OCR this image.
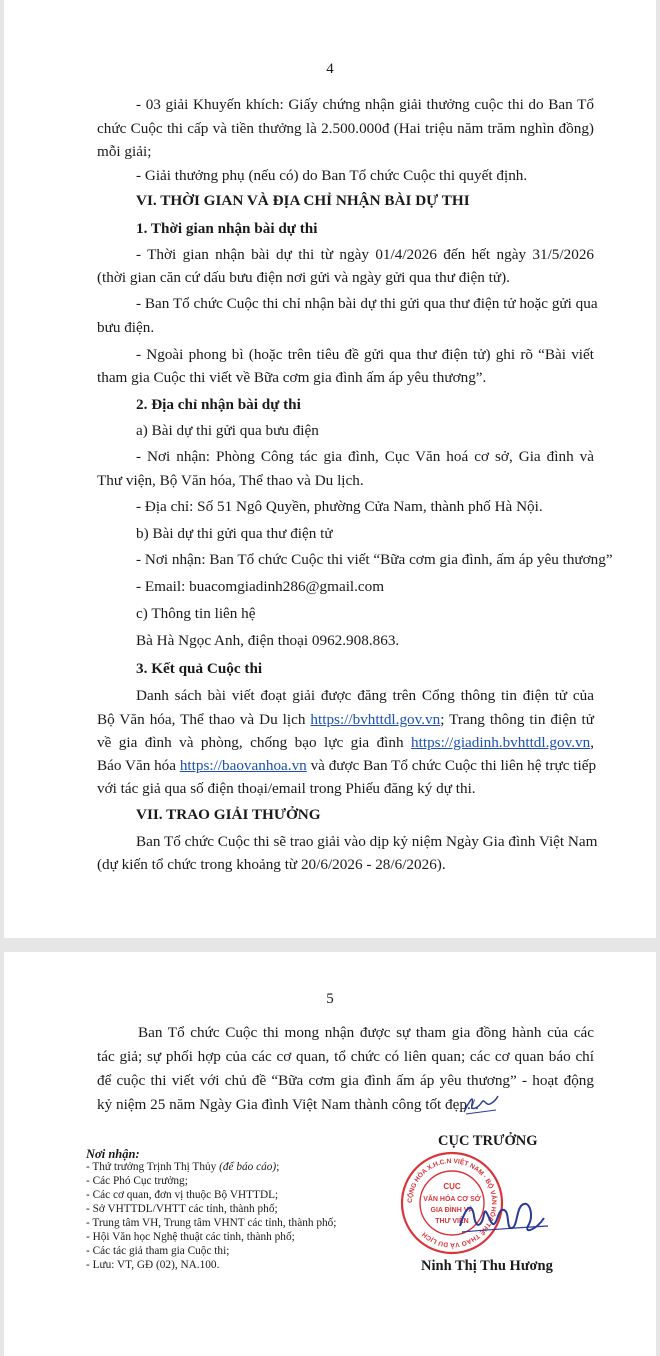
4
- 03 giải Khuyến khích: Giấy chứng nhận giải thưởng cuộc thi do Ban Tổ
chức Cuộc thi cấp và tiền thưởng là 2.500.000đ (Hai triệu năm trăm nghìn đồng)
mỗi giải;
- Giải thưởng phụ (nếu có) do Ban Tổ chức Cuộc thi quyết định.
VI. THỜI GIAN VÀ ĐỊA CHỈ NHẬN BÀI DỰ THI
1. Thời gian nhận bài dự thi
- Thời gian nhận bài dự thi từ ngày 01/4/2026 đến hết ngày 31/5/2026
(thời gian căn cứ dấu bưu điện nơi gửi và ngày gửi qua thư điện tử).
- Ban Tổ chức Cuộc thi chỉ nhận bài dự thi gửi qua thư điện tử hoặc gửi qua
bưu điện.
- Ngoài phong bì (hoặc trên tiêu đề gửi qua thư điện tử) ghi rõ “Bài viết
tham gia Cuộc thi viết về Bữa cơm gia đình ấm áp yêu thương”.
2. Địa chỉ nhận bài dự thi
a) Bài dự thi gửi qua bưu điện
- Nơi nhận: Phòng Công tác gia đình, Cục Văn hoá cơ sở, Gia đình và
Thư viện, Bộ Văn hóa, Thể thao và Du lịch.
- Địa chỉ: Số 51 Ngô Quyền, phường Cửa Nam, thành phố Hà Nội.
b) Bài dự thi gửi qua thư điện tử
- Nơi nhận: Ban Tổ chức Cuộc thi viết “Bữa cơm gia đình, ấm áp yêu thương”
- Email: buacomgiadinh286@gmail.com
c) Thông tin liên hệ
Bà Hà Ngọc Anh, điện thoại 0962.908.863.
3. Kết quả Cuộc thi
Danh sách bài viết đoạt giải được đăng trên Cổng thông tin điện tử của
Bộ Văn hóa, Thể thao và Du lịch https://bvhttdl.gov.vn; Trang thông tin điện tử
về gia đình và phòng, chống bạo lực gia đình https://giadinh.bvhttdl.gov.vn,
Báo Văn hóa https://baovanhoa.vn và được Ban Tổ chức Cuộc thi liên hệ trực tiếp
với tác giả qua số điện thoại/email trong Phiếu đăng ký dự thi.
VII. TRAO GIẢI THƯỞNG
Ban Tổ chức Cuộc thi sẽ trao giải vào dịp kỷ niệm Ngày Gia đình Việt Nam
(dự kiến tổ chức trong khoảng từ 20/6/2026 - 28/6/2026).
5
Ban Tổ chức Cuộc thi mong nhận được sự tham gia đồng hành của các
tác giả; sự phối hợp của các cơ quan, tổ chức có liên quan; các cơ quan báo chí
để cuộc thi viết với chủ đề “Bữa cơm gia đình ấm áp yêu thương” - hoạt động
kỷ niệm 25 năm Ngày Gia đình Việt Nam thành công tốt đẹp./.
CỤC TRƯỞNG
Ninh Thị Thu Hương
Nơi nhận:
- Thứ trưởng Trịnh Thị Thủy (để báo cáo);
- Các Phó Cục trưởng;
- Các cơ quan, đơn vị thuộc Bộ VHTTDL;
- Sở VHTTDL/VHTT các tỉnh, thành phố;
- Trung tâm VH, Trung tâm VHNT các tỉnh, thành phố;
- Hội Văn học Nghệ thuật các tỉnh, thành phố;
- Các tác giả tham gia Cuộc thi;
- Lưu: VT, GĐ (02), NA.100.
CỘNG HÒA X.H.C.N VIỆT NAM · BỘ VĂN HÓA THỂ THAO VÀ DU LỊCH
CỤC
VĂN HÓA CƠ SỞ
GIA ĐÌNH VÀ
THƯ VIỆN
